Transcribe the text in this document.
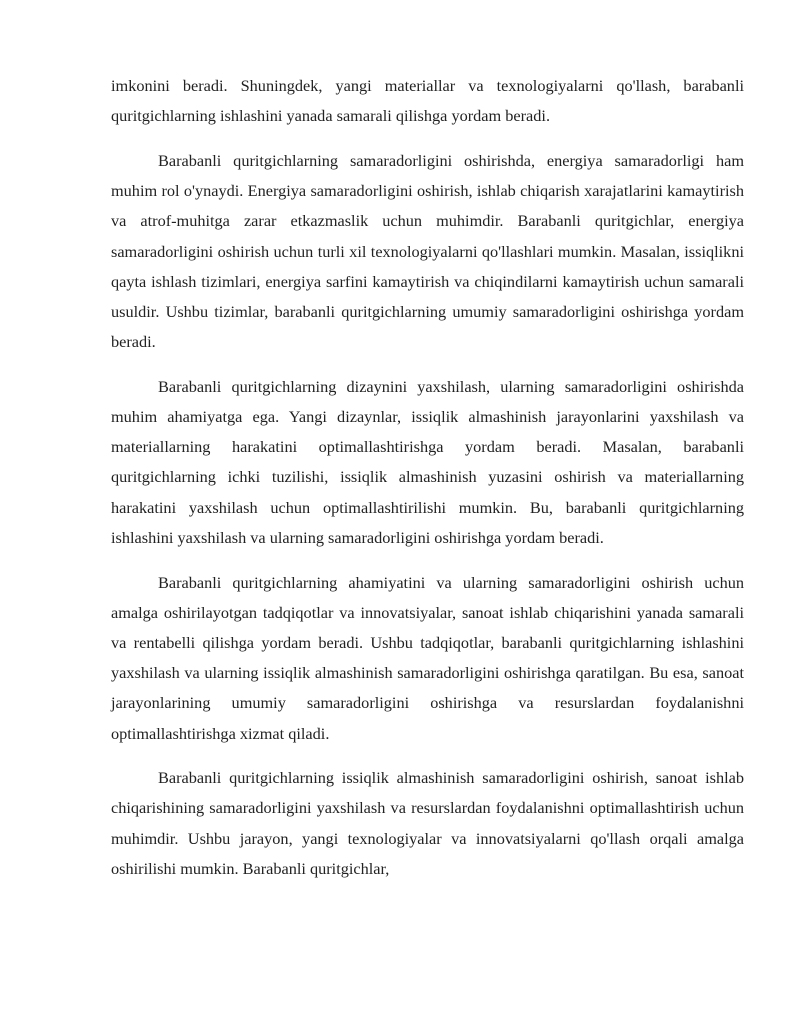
imkonini beradi. Shuningdek, yangi materiallar va texnologiyalarni qo'llash, barabanli quritgichlarning ishlashini yanada samarali qilishga yordam beradi.

Barabanli quritgichlarning samaradorligini oshirishda, energiya samaradorligi ham muhim rol o'ynaydi. Energiya samaradorligini oshirish, ishlab chiqarish xarajatlarini kamaytirish va atrof-muhitga zarar etkazmaslik uchun muhimdir. Barabanli quritgichlar, energiya samaradorligini oshirish uchun turli xil texnologiyalarni qo'llashlari mumkin. Masalan, issiqlikni qayta ishlash tizimlari, energiya sarfini kamaytirish va chiqindilarni kamaytirish uchun samarali usuldir. Ushbu tizimlar, barabanli quritgichlarning umumiy samaradorligini oshirishga yordam beradi.

Barabanli quritgichlarning dizaynini yaxshilash, ularning samaradorligini oshirishda muhim ahamiyatga ega. Yangi dizaynlar, issiqlik almashinish jarayonlarini yaxshilash va materiallarning harakatini optimallashtirishga yordam beradi. Masalan, barabanli quritgichlarning ichki tuzilishi, issiqlik almashinish yuzasini oshirish va materiallarning harakatini yaxshilash uchun optimallashtirilishi mumkin. Bu, barabanli quritgichlarning ishlashini yaxshilash va ularning samaradorligini oshirishga yordam beradi.

Barabanli quritgichlarning ahamiyatini va ularning samaradorligini oshirish uchun amalga oshirilayotgan tadqiqotlar va innovatsiyalar, sanoat ishlab chiqarishini yanada samarali va rentabelli qilishga yordam beradi. Ushbu tadqiqotlar, barabanli quritgichlarning ishlashini yaxshilash va ularning issiqlik almashinish samaradorligini oshirishga qaratilgan. Bu esa, sanoat jarayonlarining umumiy samaradorligini oshirishga va resurslardan foydalanishni optimallashtirishga xizmat qiladi.

Barabanli quritgichlarning issiqlik almashinish samaradorligini oshirish, sanoat ishlab chiqarishining samaradorligini yaxshilash va resurslardan foydalanishni optimallashtirish uchun muhimdir. Ushbu jarayon, yangi texnologiyalar va innovatsiyalarni qo'llash orqali amalga oshirilishi mumkin. Barabanli quritgichlar,
